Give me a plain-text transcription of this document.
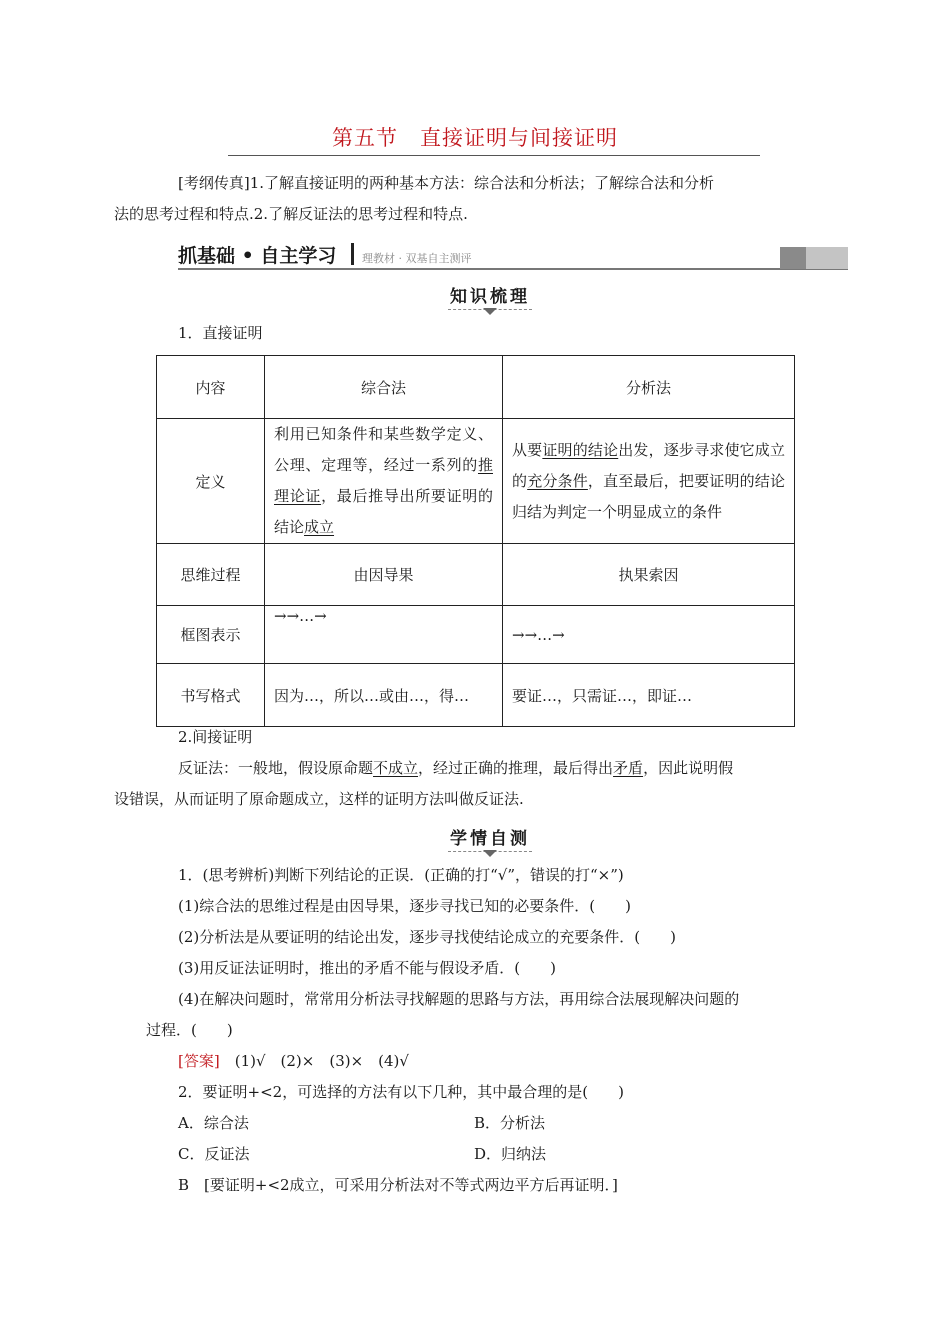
第五节　直接证明与间接证明
[考纲传真]1.了解直接证明的两种基本方法：综合法和分析法；了解综合法和分析
法的思考过程和特点.2.了解反证法的思考过程和特点.
抓基础 • 自主学习 理教材 · 双基自主测评
知识梳理
1．直接证明
内容	综合法	分析法
定义	利用已知条件和某些数学定义、公理、定理等，经过一系列的推理论证，最后推导出所要证明的结论成立	从要证明的结论出发，逐步寻求使它成立的充分条件，直至最后，把要证明的结论归结为判定一个明显成立的条件
思维过程	由因导果	执果索因
框图表示	→→…→	→→…→
书写格式	因为…，所以…或由…，得…	要证…，只需证…，即证…
2.间接证明
反证法：一般地，假设原命题不成立，经过正确的推理，最后得出矛盾，因此说明假
设错误，从而证明了原命题成立，这样的证明方法叫做反证法.
学情自测
1．(思考辨析)判断下列结论的正误．(正确的打“√”，错误的打“×”)
(1)综合法的思维过程是由因导果，逐步寻找已知的必要条件．(　　)
(2)分析法是从要证明的结论出发，逐步寻找使结论成立的充要条件．(　　)
(3)用反证法证明时，推出的矛盾不能与假设矛盾．(　　)
(4)在解决问题时，常常用分析法寻找解题的思路与方法，再用综合法展现解决问题的
过程．(　　)
[答案]　(1)√　(2)×　(3)×　(4)√
2．要证明+<2，可选择的方法有以下几种，其中最合理的是(　　)
A．综合法	B．分析法
C．反证法	D．归纳法
B　[要证明+<2成立，可采用分析法对不等式两边平方后再证明．]
